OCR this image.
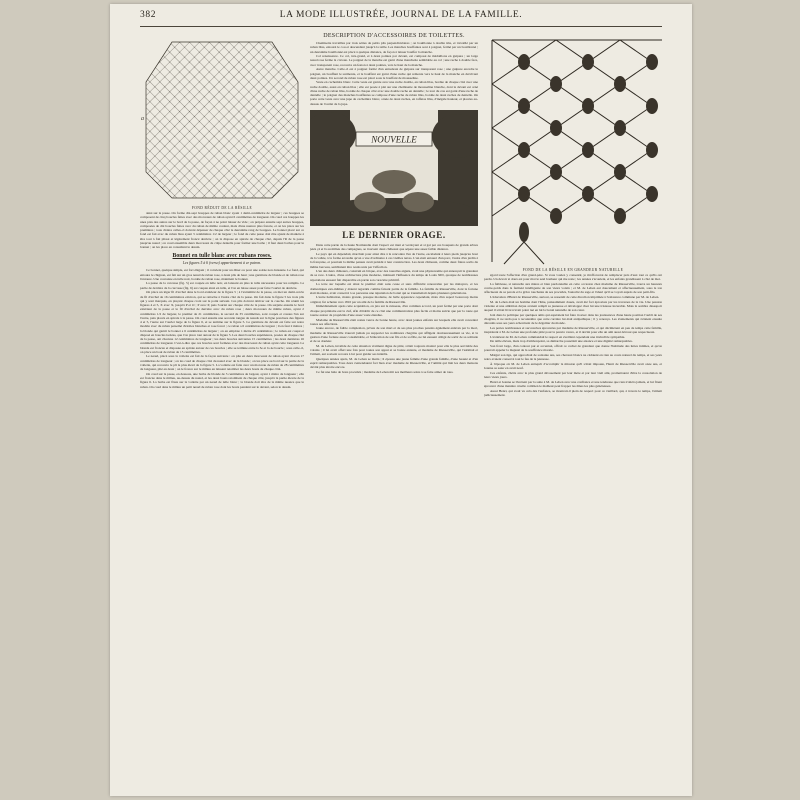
382	LA MODE ILLUSTRÉE, JOURNAL DE LA FAMILLE.
a
FOND RÉDUIT DE LA RÉSILLE

ainsi sur la passe. On forme dix-sept bouppes de ruban blanc ayant 1 demi-centimètre de largeur ; ces bouppes se composent de cinq boucles faites avec des morceaux de ruban ayant 6 centimètres de longueur. On coud ces bouppes les unes près des autres sur le bord de la passe, de façon à ne point laisser de vide ; on prépare ensuite sept autres bouppes, composées de dix boucles faites avec du ruban de même couleur, mais d'une nuance plus foncée, et on les place sur les premières ; tous d'entre celles-ci doivent dépasser de chaque côté le deuxième rang de bouppes. Le bonnet placé sur ce fond est fait avec du ruban bleu ayant 3 centimètres 1/2 de largeur ; le fond de cette passe doit être ajusté de manière à être tout à fait plissé et légèrement froncé derrière ; on la dispose en spirale de chaque côté, depuis l'R de la passe jusqu'au nœud ; on coud ensemble deux morceaux de crêpe dentelle pour former une barbe ; il faut deux barbes pour le bonnet ; on les place en consultant le dessin.

Bonnet en tulle blanc avec rubans roses.
Les figures 5 à 6 (verso) appartiennent à ce patron.

Ce bonnet, quelque simple, est fort élégant ; il convient pour un dîner ou pour une soirée non dansante. Le fond, qui entoure le chignon, est fait sur un gros nœud de ruban rose, à deux plis de haut ; une garniture de blonde et de ruban rose l'entoure. Une couronne en tulle noir, bordée de ruban rose, maintient le bonnet.

La passe de la carcasse (fig. 5) est coupée en tulle noir, en laissant en plus le tulle nécessaire pour les remplis. La partie de derrière de la carcasse (fig. 6) est coupée ainsi en tulle, et l'on en laisse assez pour faire l'ourlet de derrière.

On place un léger fil d'archal dans le bord extérieur de la figure 5 ; à l'extrémité de la passe, on met un demi-cercle de fil d'archal de 16 centimètres environ, qui se rattache à l'autre côté de la passe. On fait dans la figure 5 les trois plis qui y sont marqués, en plaçant chaque croix sur le point suivant. Ces plis doivent dériver sur la couche. On réunit les figures 4 et 5, X avec X, jusqu'à P et O ; P avec P, puis l'ourlet sur chaque côté de la passe. On surjette ensuite le bord extérieur de la passe et le fil d'archal de derrière avec du ruban rose ; deux morceaux de même ruban, ayant 2 centimètres 1/2 de largeur, le premier de 21 centimètres, le second de 35 centimètres, sont coupés et cousus l'un sur l'autre, puis placés en spirale à la passe. On coud ensuite une seconde rangée de nœuds sur la ligne ponctuée des figures 4 et 5, l'autre sur l'ourlet large de la figure 6, et se termine sur la figure 5. La garniture du devant est faite sur notre modèle avec du ruban parsemé d'étoiles blanches et rose foncé ; ce ruban a 6 centimètres de largeur ; il en faut 2 mètres ; la blonde qui garnit le bonnet a 6 centimètres de largeur ; on en emploie 1 mètre 45 centimètres ; le ruban est coupé et disposé en boucles isolées, que l'on place tout autour de la figure 5. Les deux boucles supérieures, posées de chaque côté de la passe, ont chacune 12 centimètres de longueur ; les deux boucles suivantes 15 centimètres ; les deux dernières 16 centimètres de longueur. C'est-à-dire que ces boucles sont formées avec des morceaux de ruban ayant cette longueur. La blonde est froncée et disposée en spirale autour de ces boucles ; elle se termine entre la 3e et la 4e boucle ; sous celle-ci, on place un bout de ruban de 15 centimètres.

Le nœud, placé sous la voilette est fait de la façon suivante : on plie en deux morceaux de ruban ayant chacun 17 centimètres de longueur ; on les coud de chaque côté du nœud avec de la blonde ; on les place au bord sur la partie de la voilette, qui recouvre le pli le plus élevé de la figure 5. La voilette est faite avec un morceau de ruban de 28 centimètres de longueur, plié en deux ; on le fronce sur le milieu en laissant retomber les deux bouts de chaque côté.

On coud sur la passe, en dessous, une barbe de blonde de 3 centimètres de largeur, ayant 1 mètre de longueur ; elle est froncée dans le milieu, au-dessus du nœud, et les deux bouts retombent de chaque côté, jusqu'à la partie élevée de la figure 6. La barbe est fixée sur la voilette par un nœud de tulle blanc ; la blonde doit être de la même nuance que le ruban. On coud dans le milieu un petit nœud de ruban rose dont les bouts pendent sur le devant, selon le dessin.

DESCRIPTION D'ACCESSOIRES DE TOILETTES.

Chemisette travaillée par trois séries de petits plis perpendiculaires ; on bouillonne à double tête, et travaillé par un ruban lilas, entouré le cou et descendant jusqu'à la taille. Les manches bouffantes sont à poignet, fermé par un bouillonné ; un deuxième bouillonné est placé à quelque distance, de façon à laisser bouffer la manche.

Col renaissance. Ce col, très-grand, et à deux pointes par devant, est composé de médaillons en guipure ; un large nœud rose ferme la cravate. Le poignet de la manche est garni d'une manchette semblable au col ; une ruche à double face, avec transparent rose, recouvre un feston à deux pointes, vers le haut de la manche.

Autre manche. Celle-ci est à poignet formé d'un entredeux de guipure sur transparent rose ; une guipure encadre le poignet, un bouffant le surmonte, et le bouffant est garni d'une ruche qui remonte vers le haut de la manche en décrivant deux pointes. Un second de ruban rose est placé sous le bouffant de mousseline.

Veste en cachemire blanc. Cette veste est garnie avec une ruche double, en ruban lilas, bordée de chaque côté avec une ruche double, aussi en ruban lilas ; elle est posée à plat sur une chemisette de mousseline blanche, dont le devant est orné d'une ruche de ruban lilas, bordée de chaque côté avec une double ruche en dentelle ; le tour du cou est garni d'une ruche de dentelle ; le poignet des manches bouffantes se compose d'une ruche de ruban lilas, bordée de deux ruches de dentelle. On porte cette veste avec une jupe de cachemire blanc, ornée de deux ruches, en taffetas lilas, d'inégale hauteur, et placées au-dessus de l'ourlet de la jupe.

NOUVELLE
LE DERNIER ORAGE.

Dans cette partie de la haute Normandie dont l'aspect est riant et verdoyant et si gai par ces bouquets de grands arbres jetés çà et là au milieu des campagnes, se trouvent deux châteaux que sépare une assez faible distance.

Le pays qui en dépendait, marchait pour ainsi dire à la rencontre l'un de l'autre, escaladant à leurs pieds jusqu'au bout de la vallée, à la forme arrondie qu'on a vue d'ordinaire à ces vieilles terres. L'un était entouré d'un parc, l'autre d'un jardin à la française, et pourtant la même pensée avait présidé à leur construction. Les deux châteaux, comme deux frères sortis du même berceau, semblaient être restés unis par l'affection.

L'un des deux châteaux, construit en brique, avec des tourelles aiguës, avait une physionomie qui annonçait la grandeur de sa race. L'autre, d'une architecture plus moderne, trahissait l'influence du temps de Louis XIII, quoique de nombreuses réparations eussent fait disparaître en partie son caractère primitif.

La terre sur laquelle est situé le premier était sans cesse et sans difficulté renouvelée par les métayers, et les domestiques eux-mêmes y étaient regardés comme faisant partie de la famille. La famille de Riesserville, dont la fortune était modeste, avait conservé à sa personne une réputation de bonté qui se transmettait depuis plusieurs générations.

L'autre habitation, moins grande, presque moderne, de belle apparence cependant, mais d'un aspect beaucoup moins original, fut achetée vers 1810 par un ami de la famille de Riesserville.

Immédiatement après cette acquisition, on jeta sur le ruisseau, d'un commun accord, un pont fermé par une porte dont chaque propriétaire eut la clef, afin d'établir de ce côté une communication plus facile et moins suivie que par la route qui tourne autour de propriétés d'une assez vaste étendue.

Madame de Riesserville était restée veuve de bonne heure, avec deux jeunes enfants sur lesquels elle avait concentré toutes ses affections.

Jeune encore, de faible complexion, privée de son mari et de ses plus proches parents également enlevés par la mort, madame de Riesserville n'aurait jamais pu supporter les nombreux chagrins qui affligent douloureusement sa vie, si la gestion d'une fortune assez considérable, et l'éducation de son fils et de sa fille, ne lui eussent obligé de sortir de sa solitude et de sa douleur.

M. de Leben, invalide de cette situation vraiment digne de pitié, s'était toujours montré pour elle le plus serviable des voisins ; il lui avait offert une fois pour toutes son appui et sa bonne entente, et madame de Riesserville, qui l'estimait et l'aimait, eut souvent recours à lui pour guider ses intérêts.

Quelques années après, M. de Leben se maria ; il épousa une jeune femme d'une grande famille, d'une beauté et d'un esprit remarquables. Tous deux s'entendaient fort bien avec madame de Riesserville, et l'amitié qui liait les deux maisons devint plus étroite encore.

Ce fut une lutte de bons procédés ; madame de Leben mit ses meilleurs soins à se faire aimer de tous.

FOND DE LA RÉSILLE EN GRANDEUR NATURELLE

égard toute l'affection d'un grand-père. Si vous voulez y consentir, je m'efforcerai de remplacer près d'eux tout ce qu'ils ont perdu. Un devoir si doux est pour moi le seul bonheur qui me reste ; les années s'écoulent, et les enfants grandissent à côté de moi.

La faiblesse, si naturelle aux mères et bien pardonnable en cette occasion chez madame de Riesserville, trouva un heureux contre-poids dans la fermeté intelligente de son vieux voisin ; et M. de Leben eut doucement et affectueusement, sous le ton affectueux de sa parole et la grâce touchante de ses procédés, l'autorité du sage et l'aïeul qu'il se voyait auprès de son petit-fils.

L'éducation d'Henri de Riesserville, surtout, se ressentit de cette direction imprimée à l'existence commune par M. de Leben.

M. de Leben était un homme dont l'âme, puissamment douée, avait été fort éprouvée par les traverses de la vie. Une passion violente et une ambition déçue avaient rempli sa jeunesse et développé chez lui une tristesse incurable. Mais la sombre désespoir auquel il s'était livré n'avait point tué en lui la bonté naturelle de son cœur.

Jeté dans la politique par quelques amis qui espéraient lui faire trouver dans les jouissances d'une haute position l'oubli de ses chagrins, il ne tarda pas à reconnaître que cette carrière lui était antipathique ; il y renonça. Les événements qui s'étaient ensuite déroulés sous ses yeux achevèrent de le dégoûter du monde.

Les pertes nombreuses et successives éprouvées par madame de Riesserville, et qui décimèrent en peu de temps cette famille, inspirèrent à M. de Leben une profonde pitié pour la pauvre veuve, et il devint pour elle un ami aussi dévoué que respectueux.

L'extérieur de M. de Leben commandait le respect en éveillant cependant une invincible sympathie.

De taille élevée, mais trop d'embonpoint, sa démarche possédait une aisance et une dignité remarquables.

Son front large, d'un contour pur et accentué, offrait ce cachet de grandeur que donne l'habitude des luttes intimes, et qu'on pourrait appeler la majesté de la souffrance morale.

Malgré son âge, qui approchait de soixante ans, ses cheveux blancs ne cédaient en rien au cours naturel du temps, et ses yeux noirs avaient conservé tout le feu de la jeunesse.

À l'époque où M. de Leben entreprit d'accomplir la mission qu'il s'était imposée, Henri de Riesserville avait onze ans, et Jeanne sa sœur en avait neuf.

Ces enfants, chéris avec le plus grand dévouement par leur mère et par leur vieil ami, promettaient d'être la consolation de leurs vieux jours.

Henri et Jeanne se livrèrent par la suite à M. de Leben avec une confiance et une tendresse que rien n'altéra jamais, et lui firent éprouver d'une manière cruelle combien le malheur peut frapper les âmes les plus généreuses.

Aussi Henri, qui avait vu cela dès l'enfance, se montrait-il plein de respect pour ce vieillard, qui, à travers le temps, l'aimait judicieusement.
